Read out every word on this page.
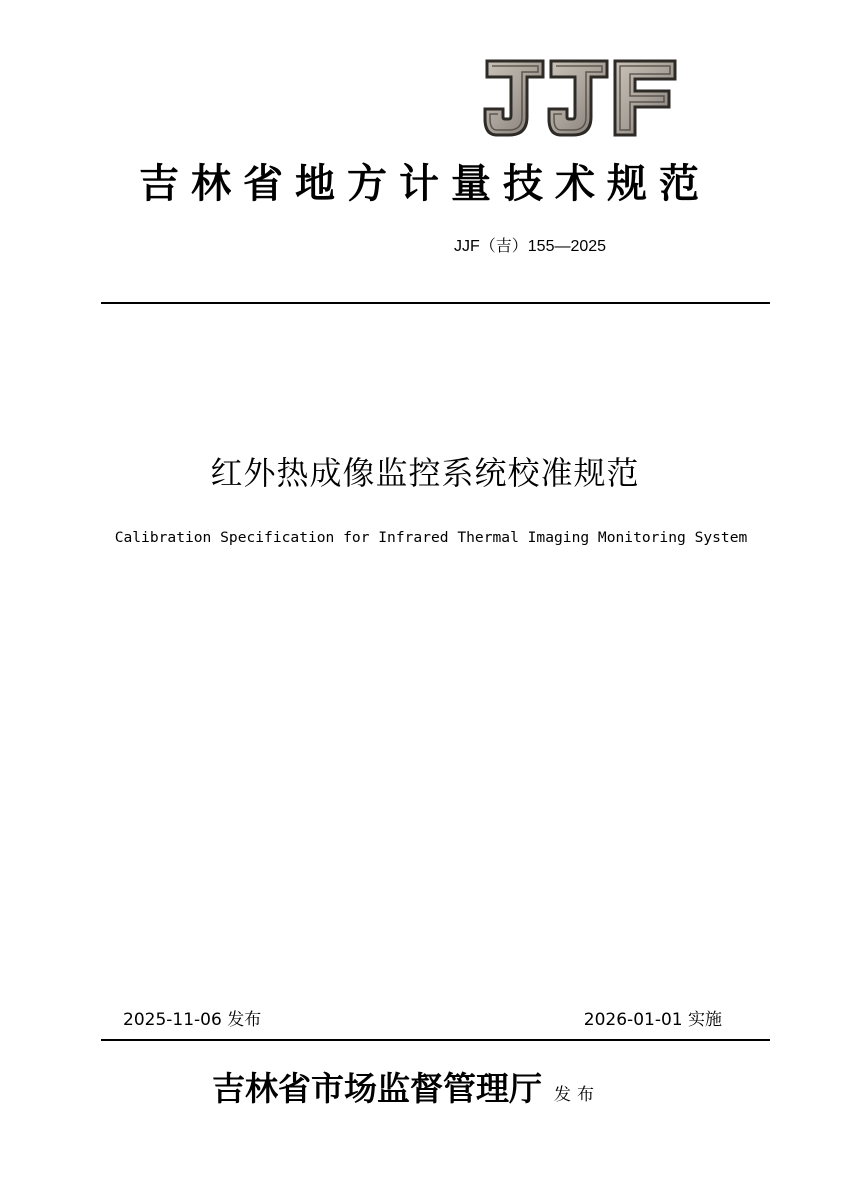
吉林省地方计量技术规范
JJF（吉）155—2025
红外热成像监控系统校准规范
Calibration Specification for Infrared Thermal Imaging Monitoring System
2025-11-06 发布	2026-01-01 实施
吉林省市场监督管理厅 发布
